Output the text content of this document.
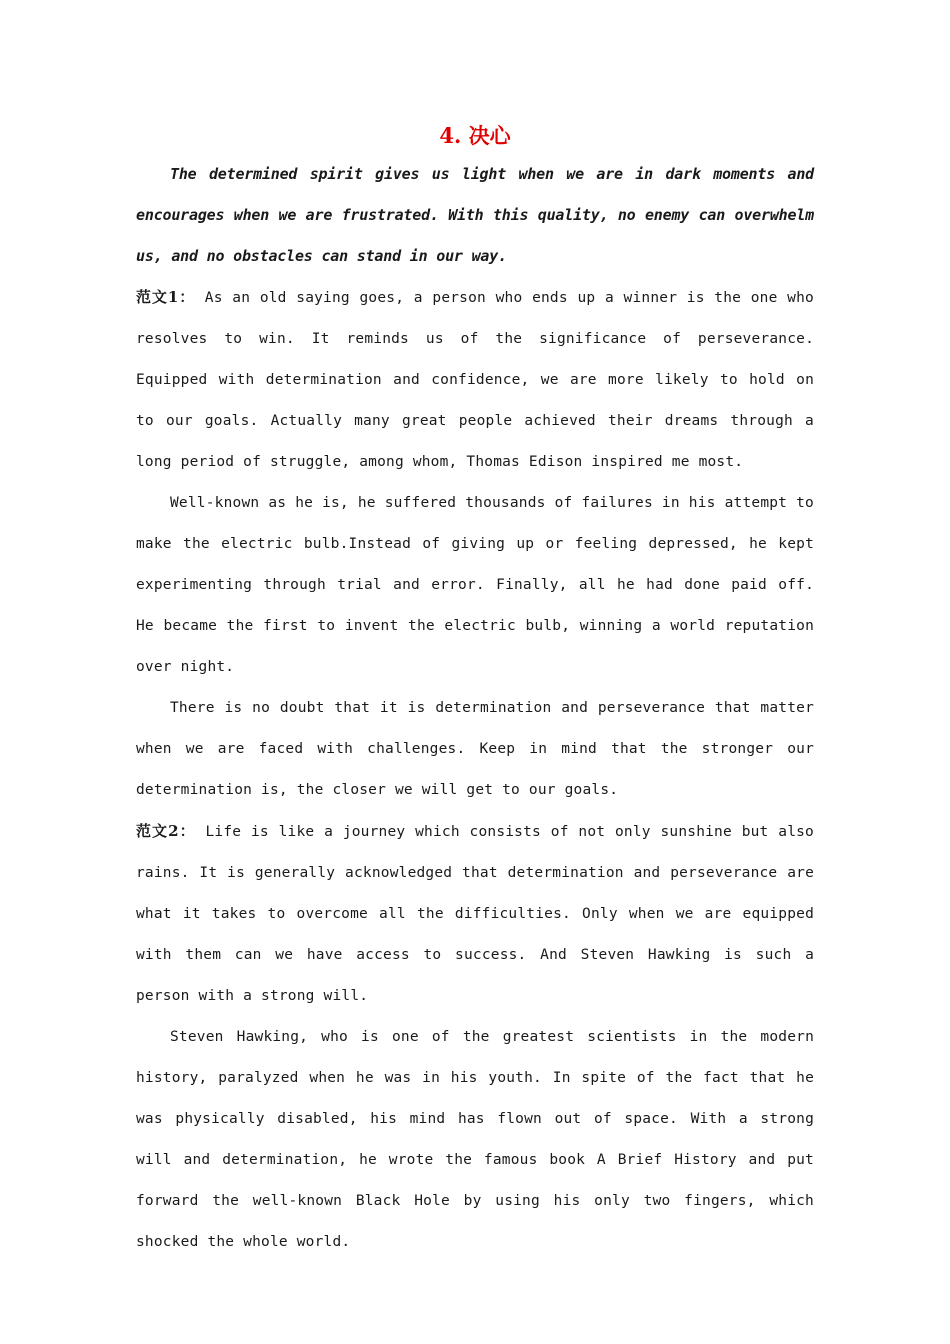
4. 决心

The determined spirit gives us light when we are in dark moments and encourages when we are frustrated. With this quality, no enemy can overwhelm us, and no obstacles can stand in our way.

范文1： As an old saying goes, a person who ends up a winner is the one who resolves to win. It reminds us of the significance of perseverance. Equipped with determination and confidence, we are more likely to hold on to our goals. Actually many great people achieved their dreams through a long period of struggle, among whom, Thomas Edison inspired me most.

Well-known as he is, he suffered thousands of failures in his attempt to make the electric bulb.Instead of giving up or feeling depressed, he kept experimenting through trial and error. Finally, all he had done paid off. He became the first to invent the electric bulb, winning a world reputation over night.

There is no doubt that it is determination and perseverance that matter when we are faced with challenges. Keep in mind that the stronger our determination is, the closer we will get to our goals.

范文2： Life is like a journey which consists of not only sunshine but also rains. It is generally acknowledged that determination and perseverance are what it takes to overcome all the difficulties. Only when we are equipped with them can we have access to success. And Steven Hawking is such a person with a strong will.

Steven Hawking, who is one of the greatest scientists in the modern history, paralyzed when he was in his youth. In spite of the fact that he was physically disabled, his mind has flown out of space. With a strong will and determination, he wrote the famous book A Brief History and put forward the well-known Black Hole by using his only two fingers, which shocked the whole world.
